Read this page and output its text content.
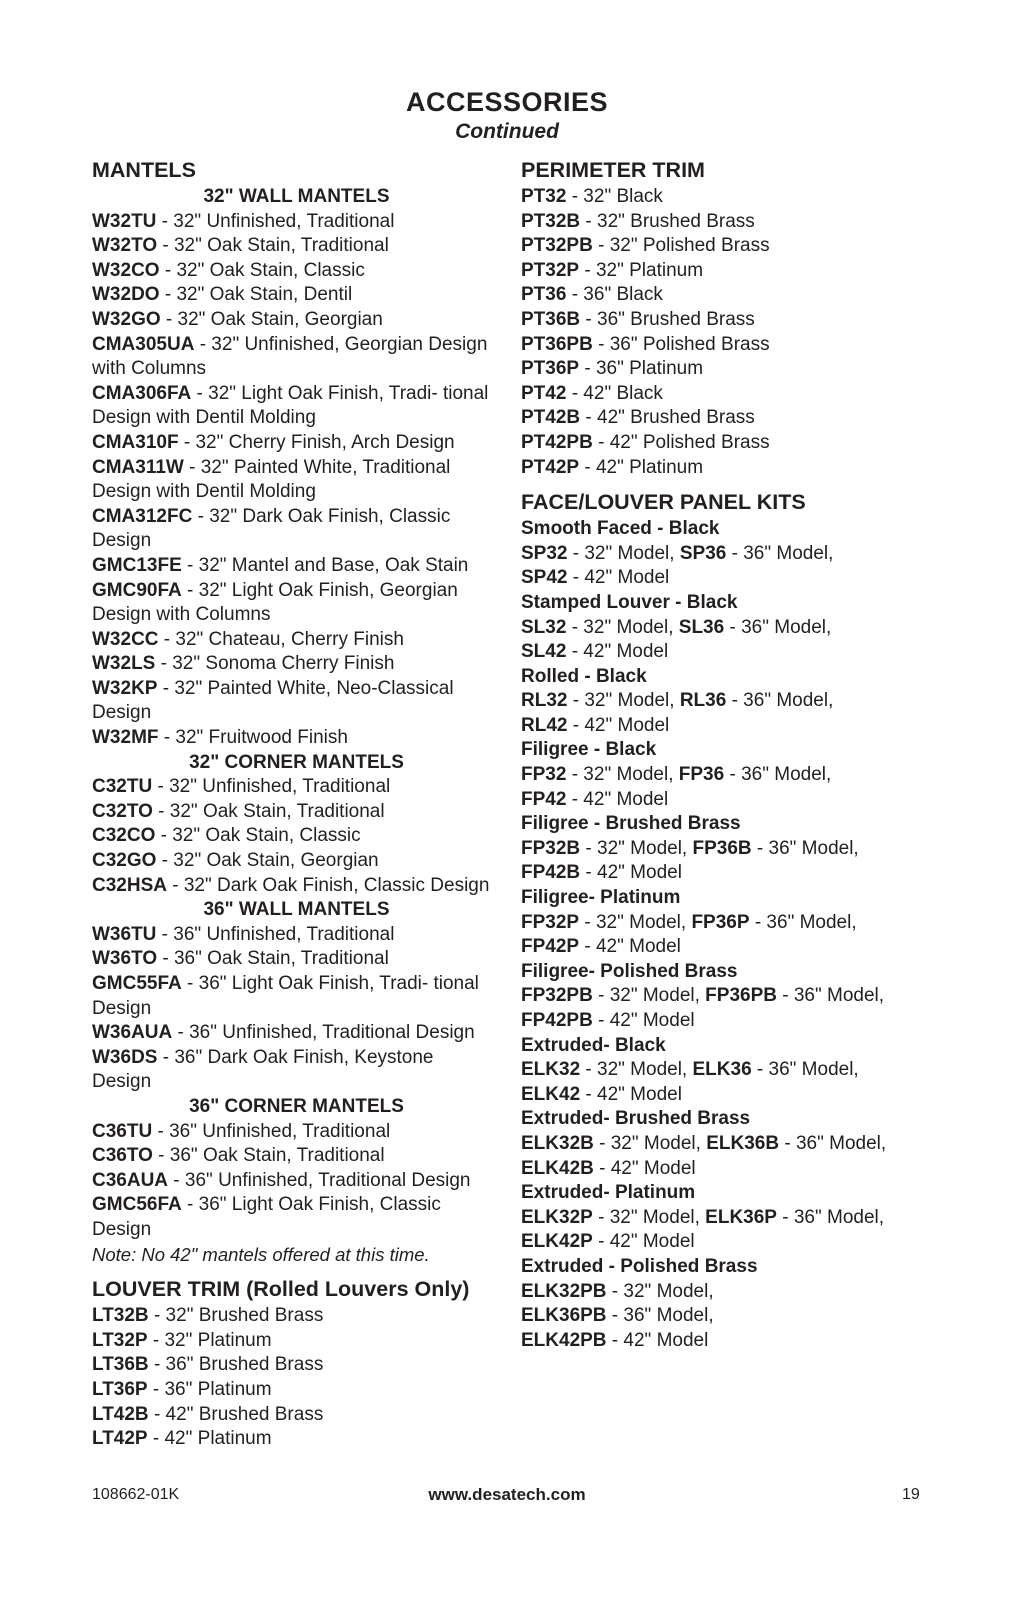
ACCESSORIES
Continued
MANTELS
32" WALL MANTELS
W32TU - 32" Unfinished, Traditional
W32TO - 32" Oak Stain, Traditional
W32CO - 32" Oak Stain, Classic
W32DO - 32" Oak Stain, Dentil
W32GO - 32" Oak Stain, Georgian
CMA305UA - 32" Unfinished, Georgian Design with Columns
CMA306FA - 32" Light Oak Finish, Tradi- tional Design with Dentil Molding
CMA310F - 32" Cherry Finish, Arch Design
CMA311W - 32" Painted White, Traditional Design with Dentil Molding
CMA312FC - 32" Dark Oak Finish, Classic Design
GMC13FE - 32" Mantel and Base, Oak Stain
GMC90FA - 32" Light Oak Finish, Georgian Design with Columns
W32CC - 32" Chateau, Cherry Finish
W32LS - 32" Sonoma Cherry Finish
W32KP - 32" Painted White, Neo-Classical Design
W32MF - 32" Fruitwood Finish
32" CORNER MANTELS
C32TU - 32" Unfinished, Traditional
C32TO - 32" Oak Stain, Traditional
C32CO - 32" Oak Stain, Classic
C32GO - 32" Oak Stain, Georgian
C32HSA - 32" Dark Oak Finish, Classic Design
36" WALL MANTELS
W36TU - 36" Unfinished, Traditional
W36TO - 36" Oak Stain, Traditional
GMC55FA - 36" Light Oak Finish, Tradi- tional Design
W36AUA - 36" Unfinished, Traditional Design
W36DS - 36" Dark Oak Finish, Keystone Design
36" CORNER MANTELS
C36TU - 36" Unfinished, Traditional
C36TO - 36" Oak Stain, Traditional
C36AUA - 36" Unfinished, Traditional Design
GMC56FA - 36" Light Oak Finish, Classic Design
Note: No 42" mantels offered at this time.
LOUVER TRIM (Rolled Louvers Only)
LT32B - 32" Brushed Brass
LT32P - 32" Platinum
LT36B - 36" Brushed Brass
LT36P - 36" Platinum
LT42B - 42" Brushed Brass
LT42P - 42" Platinum
PERIMETER TRIM
PT32 - 32" Black
PT32B - 32" Brushed Brass
PT32PB - 32" Polished Brass
PT32P - 32" Platinum
PT36 - 36" Black
PT36B - 36" Brushed Brass
PT36PB - 36" Polished Brass
PT36P - 36" Platinum
PT42 - 42" Black
PT42B - 42" Brushed Brass
PT42PB - 42" Polished Brass
PT42P - 42" Platinum
FACE/LOUVER PANEL KITS
Smooth Faced - Black
SP32 - 32" Model, SP36 - 36" Model,
SP42 - 42" Model
Stamped Louver - Black
SL32 - 32" Model, SL36 - 36" Model,
SL42 - 42" Model
Rolled - Black
RL32 - 32" Model, RL36 - 36" Model,
RL42 - 42" Model
Filigree - Black
FP32 - 32" Model, FP36 - 36" Model,
FP42 - 42" Model
Filigree - Brushed Brass
FP32B - 32" Model, FP36B - 36" Model,
FP42B - 42" Model
Filigree- Platinum
FP32P - 32" Model, FP36P - 36" Model,
FP42P - 42" Model
Filigree- Polished Brass
FP32PB - 32" Model, FP36PB - 36" Model,
FP42PB - 42" Model
Extruded- Black
ELK32 - 32" Model, ELK36 - 36" Model,
ELK42 - 42" Model
Extruded- Brushed Brass
ELK32B - 32" Model, ELK36B - 36" Model,
ELK42B - 42" Model
Extruded- Platinum
ELK32P - 32" Model, ELK36P - 36" Model,
ELK42P - 42" Model
Extruded - Polished Brass
ELK32PB - 32" Model,
ELK36PB - 36" Model,
ELK42PB - 42" Model
108662-01K	www.desatech.com	19
